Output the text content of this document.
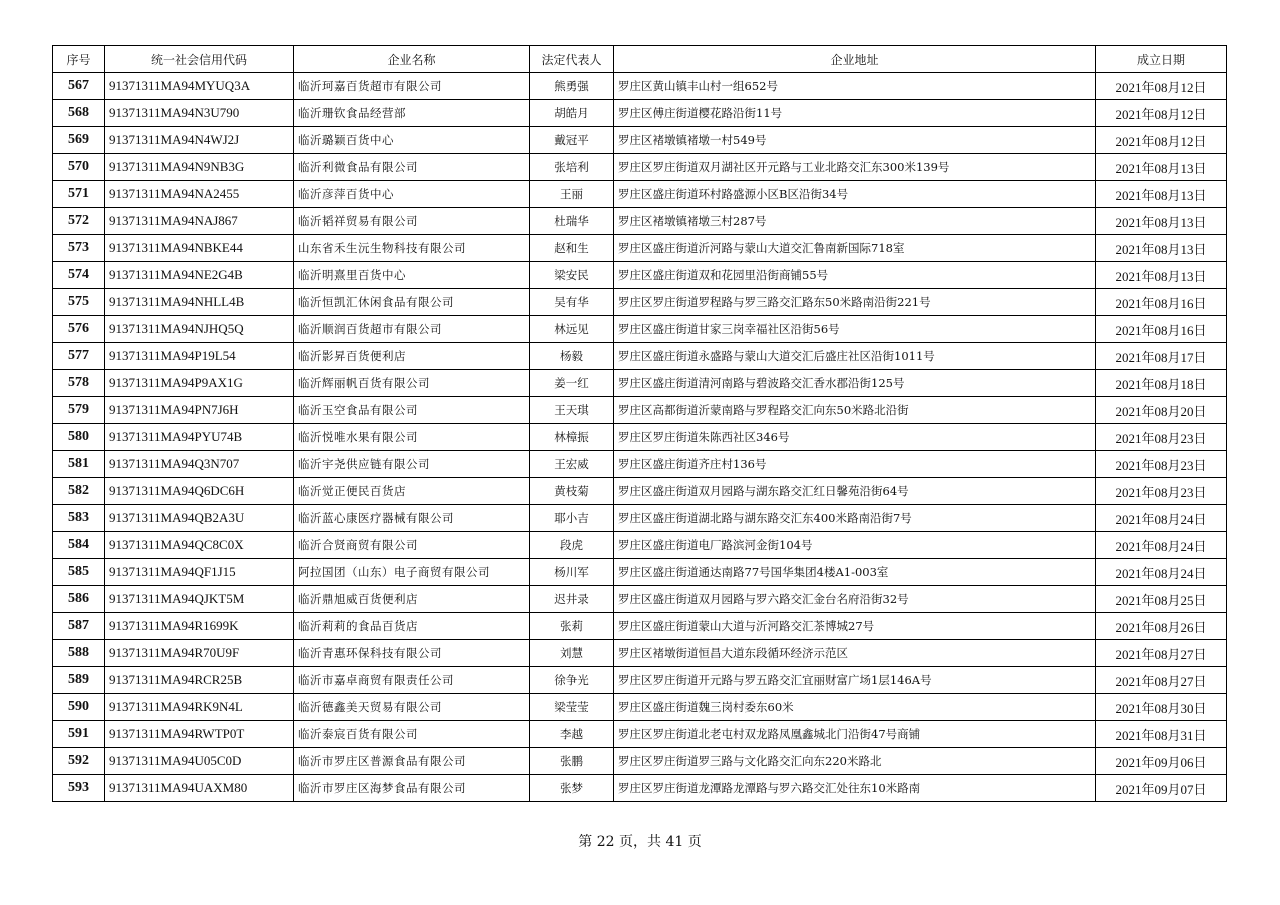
序号	统一社会信用代码	企业名称	法定代表人	企业地址	成立日期
567	91371311MA94MYUQ3A	临沂珂嘉百货超市有限公司	熊勇强	罗庄区黄山镇丰山村一组652号	2021年08月12日
568	91371311MA94N3U790	临沂珊钦食品经营部	胡皓月	罗庄区傅庄街道樱花路沿街11号	2021年08月12日
569	91371311MA94N4WJ2J	临沂璐颖百货中心	戴冠平	罗庄区褚墩镇褚墩一村549号	2021年08月12日
570	91371311MA94N9NB3G	临沂利微食品有限公司	张培利	罗庄区罗庄街道双月湖社区开元路与工业北路交汇东300米139号	2021年08月13日
571	91371311MA94NA2455	临沂彦萍百货中心	王丽	罗庄区盛庄街道环村路盛源小区B区沿街34号	2021年08月13日
572	91371311MA94NAJ867	临沂韬祥贸易有限公司	杜瑞华	罗庄区褚墩镇褚墩三村287号	2021年08月13日
573	91371311MA94NBKE44	山东省禾生沅生物科技有限公司	赵和生	罗庄区盛庄街道沂河路与蒙山大道交汇鲁南新国际718室	2021年08月13日
574	91371311MA94NE2G4B	临沂明熹里百货中心	梁安民	罗庄区盛庄街道双和花园里沿街商铺55号	2021年08月13日
575	91371311MA94NHLL4B	临沂恒凯汇休闲食品有限公司	吴有华	罗庄区罗庄街道罗程路与罗三路交汇路东50米路南沿街221号	2021年08月16日
576	91371311MA94NJHQ5Q	临沂顺润百货超市有限公司	林远见	罗庄区盛庄街道甘家三岗幸福社区沿街56号	2021年08月16日
577	91371311MA94P19L54	临沂影昇百货便利店	杨毅	罗庄区盛庄街道永盛路与蒙山大道交汇后盛庄社区沿街1011号	2021年08月17日
578	91371311MA94P9AX1G	临沂辉丽帆百货有限公司	姜一红	罗庄区盛庄街道清河南路与碧波路交汇香水郡沿街125号	2021年08月18日
579	91371311MA94PN7J6H	临沂玉空食品有限公司	王天琪	罗庄区高都街道沂蒙南路与罗程路交汇向东50米路北沿街	2021年08月20日
580	91371311MA94PYU74B	临沂悦唯水果有限公司	林樟振	罗庄区罗庄街道朱陈西社区346号	2021年08月23日
581	91371311MA94Q3N707	临沂宇尧供应链有限公司	王宏威	罗庄区盛庄街道齐庄村136号	2021年08月23日
582	91371311MA94Q6DC6H	临沂觉正便民百货店	黄枝菊	罗庄区盛庄街道双月园路与湖东路交汇红日馨苑沿街64号	2021年08月23日
583	91371311MA94QB2A3U	临沂蓝心康医疗器械有限公司	耶小吉	罗庄区盛庄街道湖北路与湖东路交汇东400米路南沿街7号	2021年08月24日
584	91371311MA94QC8C0X	临沂合贤商贸有限公司	段虎	罗庄区盛庄街道电厂路滨河金街104号	2021年08月24日
585	91371311MA94QF1J15	阿拉国团（山东）电子商贸有限公司	杨川军	罗庄区盛庄街道通达南路77号国华集团4楼A1-003室	2021年08月24日
586	91371311MA94QJKT5M	临沂鼎旭威百货便利店	迟井录	罗庄区盛庄街道双月园路与罗六路交汇金台名府沿街32号	2021年08月25日
587	91371311MA94R1699K	临沂莉莉的食品百货店	张莉	罗庄区盛庄街道蒙山大道与沂河路交汇茶博城27号	2021年08月26日
588	91371311MA94R70U9F	临沂青惠环保科技有限公司	刘慧	罗庄区褚墩街道恒昌大道东段循环经济示范区	2021年08月27日
589	91371311MA94RCR25B	临沂市嘉卓商贸有限责任公司	徐争光	罗庄区罗庄街道开元路与罗五路交汇宜丽财富广场1层146A号	2021年08月27日
590	91371311MA94RK9N4L	临沂德鑫美天贸易有限公司	梁莹莹	罗庄区盛庄街道魏三岗村委东60米	2021年08月30日
591	91371311MA94RWTP0T	临沂泰宸百货有限公司	李越	罗庄区罗庄街道北老屯村双龙路凤凰鑫城北门沿街47号商铺	2021年08月31日
592	91371311MA94U05C0D	临沂市罗庄区普源食品有限公司	张鹏	罗庄区罗庄街道罗三路与文化路交汇向东220米路北	2021年09月06日
593	91371311MA94UAXM80	临沂市罗庄区海梦食品有限公司	张梦	罗庄区罗庄街道龙潭路龙潭路与罗六路交汇处往东10米路南	2021年09月07日
第 22 页，共 41 页
